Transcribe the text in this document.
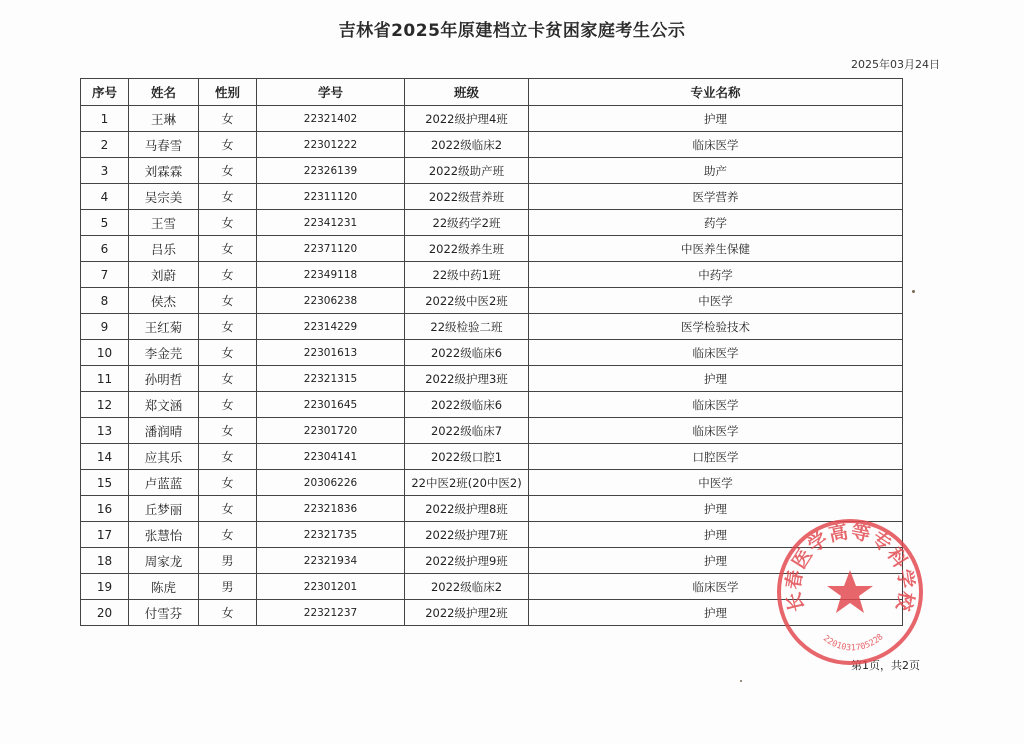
吉林省2025年原建档立卡贫困家庭考生公示
2025年03月24日
序号	姓名	性别	学号	班级	专业名称
1	王琳	女	22321402	2022级护理4班	护理
2	马春雪	女	22301222	2022级临床2	临床医学
3	刘霖霖	女	22326139	2022级助产班	助产
4	吴宗美	女	22311120	2022级营养班	医学营养
5	王雪	女	22341231	22级药学2班	药学
6	吕乐	女	22371120	2022级养生班	中医养生保健
7	刘蔚	女	22349118	22级中药1班	中药学
8	侯杰	女	22306238	2022级中医2班	中医学
9	王红菊	女	22314229	22级检验二班	医学检验技术
10	李金芫	女	22301613	2022级临床6	临床医学
11	孙明哲	女	22321315	2022级护理3班	护理
12	郑文涵	女	22301645	2022级临床6	临床医学
13	潘润晴	女	22301720	2022级临床7	临床医学
14	应其乐	女	22304141	2022级口腔1	口腔医学
15	卢蓝蓝	女	20306226	22中医2班(20中医2)	中医学
16	丘梦丽	女	22321836	2022级护理8班	护理
17	张慧怡	女	22321735	2022级护理7班	护理
18	周家龙	男	22321934	2022级护理9班	护理
19	陈虎	男	22301201	2022级临床2	临床医学
20	付雪芬	女	22321237	2022级护理2班	护理
第1页，共2页
长春医学高等专科学校
2201031705228
